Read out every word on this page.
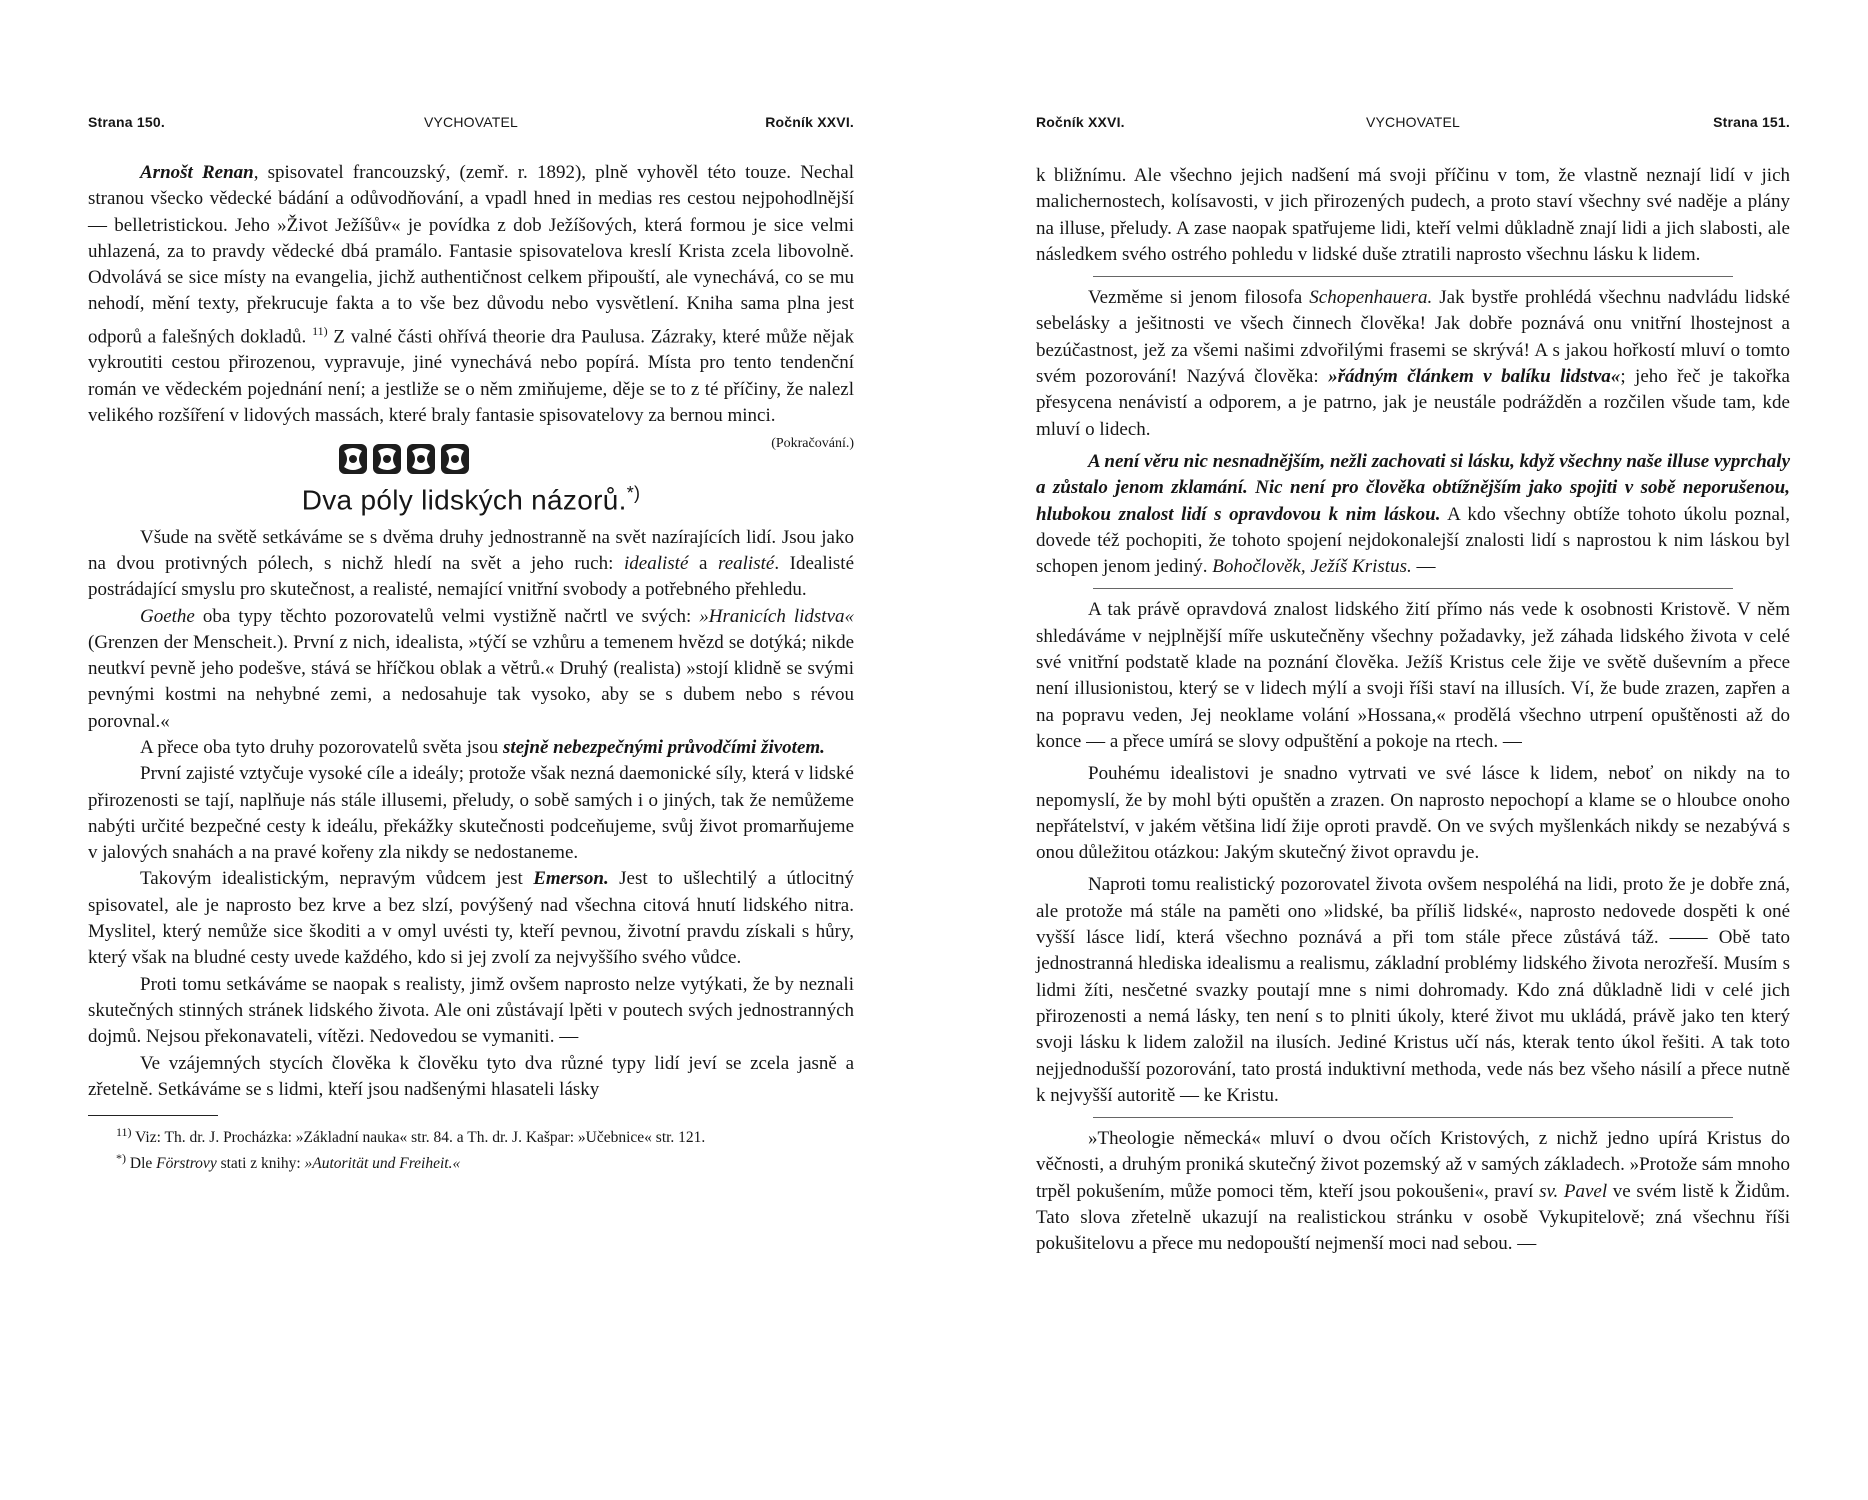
Strana 150.	VYCHOVATEL	Ročník XXVI.

Arnošt Renan, spisovatel francouzský, (zemř. r. 1892), plně vyhověl této touze. Nechal stranou všecko vědecké bádání a odůvodňování, a vpadl hned in medias res cestou nejpohodlnější — belletristickou. Jeho »Život Ježíšův« je povídka z dob Ježíšových, která formou je sice velmi uhlazená, za to pravdy vědecké dbá pramálo. Fantasie spisovatelova kreslí Krista zcela libovolně. Odvolává se sice místy na evangelia, jichž authentičnost celkem připouští, ale vynechává, co se mu nehodí, mění texty, překrucuje fakta a to vše bez důvodu nebo vysvětlení. Kniha sama plna jest odporů a falešných dokladů. $^{11)}$ Z valné části ohřívá theorie dra Paulusa. Zázraky, které může nějak vykroutiti cestou přirozenou, vypravuje, jiné vynechává nebo popírá. Místa pro tento tendenční román ve vědeckém pojednání není; a jestliže se o něm zmiňujeme, děje se to z té příčiny, že nalezl velikého rozšíření v lidových massách, které braly fantasie spisovatelovy za bernou minci.
(Pokračování.)

Dva póly lidských názorů.*)

Všude na světě setkáváme se s dvěma druhy jednostranně na svět nazírajících lidí. Jsou jako na dvou protivných pólech, s nichž hledí na svět a jeho ruch: idealisté a realisté. Idealisté postrádající smyslu pro skutečnost, a realisté, nemající vnitřní svobody a potřebného přehledu.

Goethe oba typy těchto pozorovatelů velmi vystižně načrtl ve svých: »Hranicích lidstva« (Grenzen der Menscheit.). První z nich, idealista, »týčí se vzhůru a temenem hvězd se dotýká; nikde neutkví pevně jeho podešve, stává se hříčkou oblak a větrů.« Druhý (realista) »stojí klidně se svými pevnými kostmi na nehybné zemi, a nedosahuje tak vysoko, aby se s dubem nebo s révou porovnal.«

A přece oba tyto druhy pozorovatelů světa jsou stejně nebezpečnými průvodčími životem.

První zajisté vztyčuje vysoké cíle a ideály; protože však nezná daemonické síly, která v lidské přirozenosti se tají, naplňuje nás stále illusemi, přeludy, o sobě samých i o jiných, tak že nemůžeme nabýti určité bezpečné cesty k ideálu, překážky skutečnosti podceňujeme, svůj život promarňujeme v jalových snahách a na pravé kořeny zla nikdy se nedostaneme.

Takovým idealistickým, nepravým vůdcem jest Emerson. Jest to ušlechtilý a útlocitný spisovatel, ale je naprosto bez krve a bez slzí, povýšený nad všechna citová hnutí lidského nitra. Myslitel, který nemůže sice škoditi a v omyl uvésti ty, kteří pevnou, životní pravdu získali s hůry, který však na bludné cesty uvede každého, kdo si jej zvolí za nejvyššího svého vůdce.

Proti tomu setkáváme se naopak s realisty, jimž ovšem naprosto nelze vytýkati, že by neznali skutečných stinných stránek lidského života. Ale oni zůstávají lpěti v poutech svých jednostranných dojmů. Nejsou překonavateli, vítězi. Nedovedou se vymaniti. —

Ve vzájemných stycích člověka k člověku tyto dva různé typy lidí jeví se zcela jasně a zřetelně. Setkáváme se s lidmi, kteří jsou nadšenými hlasateli lásky

$^{11)}$ Viz: Th. dr. J. Procházka: »Základní nauka« str. 84. a Th. dr. J. Kašpar: »Učebnice« str. 121.
*) Dle Förstrovy stati z knihy: »Autorität und Freiheit.«
Ročník XXVI.	VYCHOVATEL	Strana 151.

k bližnímu. Ale všechno jejich nadšení má svoji příčinu v tom, že vlastně neznají lidí v jich malichernostech, kolísavosti, v jich přirozených pudech, a proto staví všechny své naděje a plány na illuse, přeludy. A zase naopak spatřujeme lidi, kteří velmi důkladně znají lidi a jich slabosti, ale následkem svého ostrého pohledu v lidské duše ztratili naprosto všechnu lásku k lidem.

Vezměme si jenom filosofa Schopenhauera. Jak bystře prohlédá všechnu nadvládu lidské sebelásky a ješitnosti ve všech činnech člověka! Jak dobře poznává onu vnitřní lhostejnost a bezúčastnost, jež za všemi našimi zdvořilými frasemi se skrývá! A s jakou hořkostí mluví o tomto svém pozorování! Nazývá člověka: »řádným článkem v balíku lidstva«; jeho řeč je takořka přesycena nenávistí a odporem, a je patrno, jak je neustále podrážděn a rozčilen všude tam, kde mluví o lidech.

A není věru nic nesnadnějším, nežli zachovati si lásku, když všechny naše illuse vyprchaly a zůstalo jenom zklamání. Nic není pro člověka obtížnějším jako spojiti v sobě neporušenou, hlubokou znalost lidí s opravdovou k nim láskou. A kdo všechny obtíže tohoto úkolu poznal, dovede též pochopiti, že tohoto spojení nejdokonalejší znalosti lidí s naprostou k nim láskou byl schopen jenom jediný. Bohočlověk, Ježíš Kristus. —

A tak právě opravdová znalost lidského žití přímo nás vede k osobnosti Kristově. V něm shledáváme v nejplnější míře uskutečněny všechny požadavky, jež záhada lidského života v celé své vnitřní podstatě klade na poznání člověka. Ježíš Kristus cele žije ve světě duševním a přece není illusionistou, který se v lidech mýlí a svoji říši staví na illusích. Ví, že bude zrazen, zapřen a na popravu veden, Jej neoklame volání »Hossana,« prodělá všechno utrpení opuštěnosti až do konce — a přece umírá se slovy odpuštění a pokoje na rtech. —

Pouhému idealistovi je snadno vytrvati ve své lásce k lidem, neboť on nikdy na to nepomyslí, že by mohl býti opuštěn a zrazen. On naprosto nepochopí a klame se o hloubce onoho nepřátelství, v jakém většina lidí žije oproti pravdě. On ve svých myšlenkách nikdy se nezabývá s onou důležitou otázkou: Jakým skutečný život opravdu je.

Naproti tomu realistický pozorovatel života ovšem nespoléhá na lidi, proto že je dobře zná, ale protože má stále na paměti ono »lidské, ba příliš lidské«, naprosto nedovede dospěti k oné vyšší lásce lidí, která všechno poznává a při tom stále přece zůstává táž. —— Obě tato jednostranná hlediska idealismu a realismu, základní problémy lidského života nerozřeší. Musím s lidmi žíti, nesčetné svazky poutají mne s nimi dohromady. Kdo zná důkladně lidi v celé jich přirozenosti a nemá lásky, ten není s to plniti úkoly, které život mu ukládá, právě jako ten který svoji lásku k lidem založil na ilusích. Jediné Kristus učí nás, kterak tento úkol řešiti. A tak toto nejjednodušší pozorování, tato prostá induktivní methoda, vede nás bez všeho násilí a přece nutně k nejvyšší autoritě — ke Kristu.

»Theologie německá« mluví o dvou očích Kristových, z nichž jedno upírá Kristus do věčnosti, a druhým proniká skutečný život pozemský až v samých základech. »Protože sám mnoho trpěl pokušením, může pomoci těm, kteří jsou pokoušeni«, praví sv. Pavel ve svém listě k Židům. Tato slova zřetelně ukazují na realistickou stránku v osobě Vykupitelově; zná všechnu říši pokušitelovu a přece mu nedopouští nejmenší moci nad sebou. —
